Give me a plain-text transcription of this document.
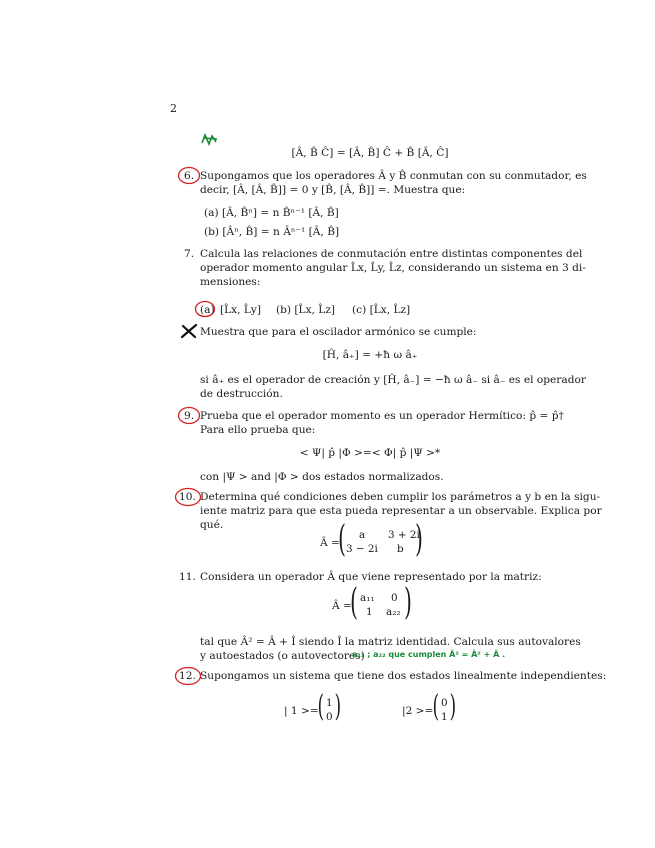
2
[Â, B̂ Ĉ] = [Â, B̂] Ĉ + B̂ [Â, Ĉ]
6. Supongamos que los operadores Â y B̂ conmutan con su conmutador, es
decir, [Â, [Â, B̂]] = 0 y [B̂, [Â, B̂]] =. Muestra que:
(a) [Â, B̂ⁿ] = n B̂ⁿ⁻¹ [Â, B̂]
(b) [Âⁿ, B̂] = n Âⁿ⁻¹ [Â, B̂]
7. Calcula las relaciones de conmutación entre distintas componentes del
operador momento angular L̂x, L̂y, L̂z, considerando un sistema en 3 di-
mensiones:
(a) [L̂x, L̂y] (b) [L̂x, L̂z] (c) [L̂x, L̂z]
Muestra que para el oscilador armónico se cumple:
[Ĥ, â₊] = +ħ ω â₊
si â₊ es el operador de creación y [Ĥ, â₋] = −ħ ω â₋ si â₋ es el operador
de destrucción.
9. Prueba que el operador momento es un operador Hermítico: p̂ = p̂†
Para ello prueba que:
< Ψ| p̂ |Φ >=< Φ| p̂ |Ψ >*
con |Ψ > and |Φ > dos estados normalizados.
10. Determina qué condiciones deben cumplir los parámetros a y b en la sigu-
iente matriz para que esta pueda representar a un observable. Explica por
qué.
Â =
( a 3 + 2i
3 − 2i b )
11. Considera un operador Â que viene representado por la matriz:
Â =
( a₁₁ 0
1 a₂₂ )
tal que Â² = Â + Î siendo Î la matriz identidad. Calcula sus autovalores
y autoestados (o autovectores)
a₁₁ ; a₂₂ que cumplen Â² = Â² + Â .
12. Supongamos un sistema que tiene dos estados linealmente independientes:
| 1 >=
( 1
0 )	|2 >= ( 0
1 )
